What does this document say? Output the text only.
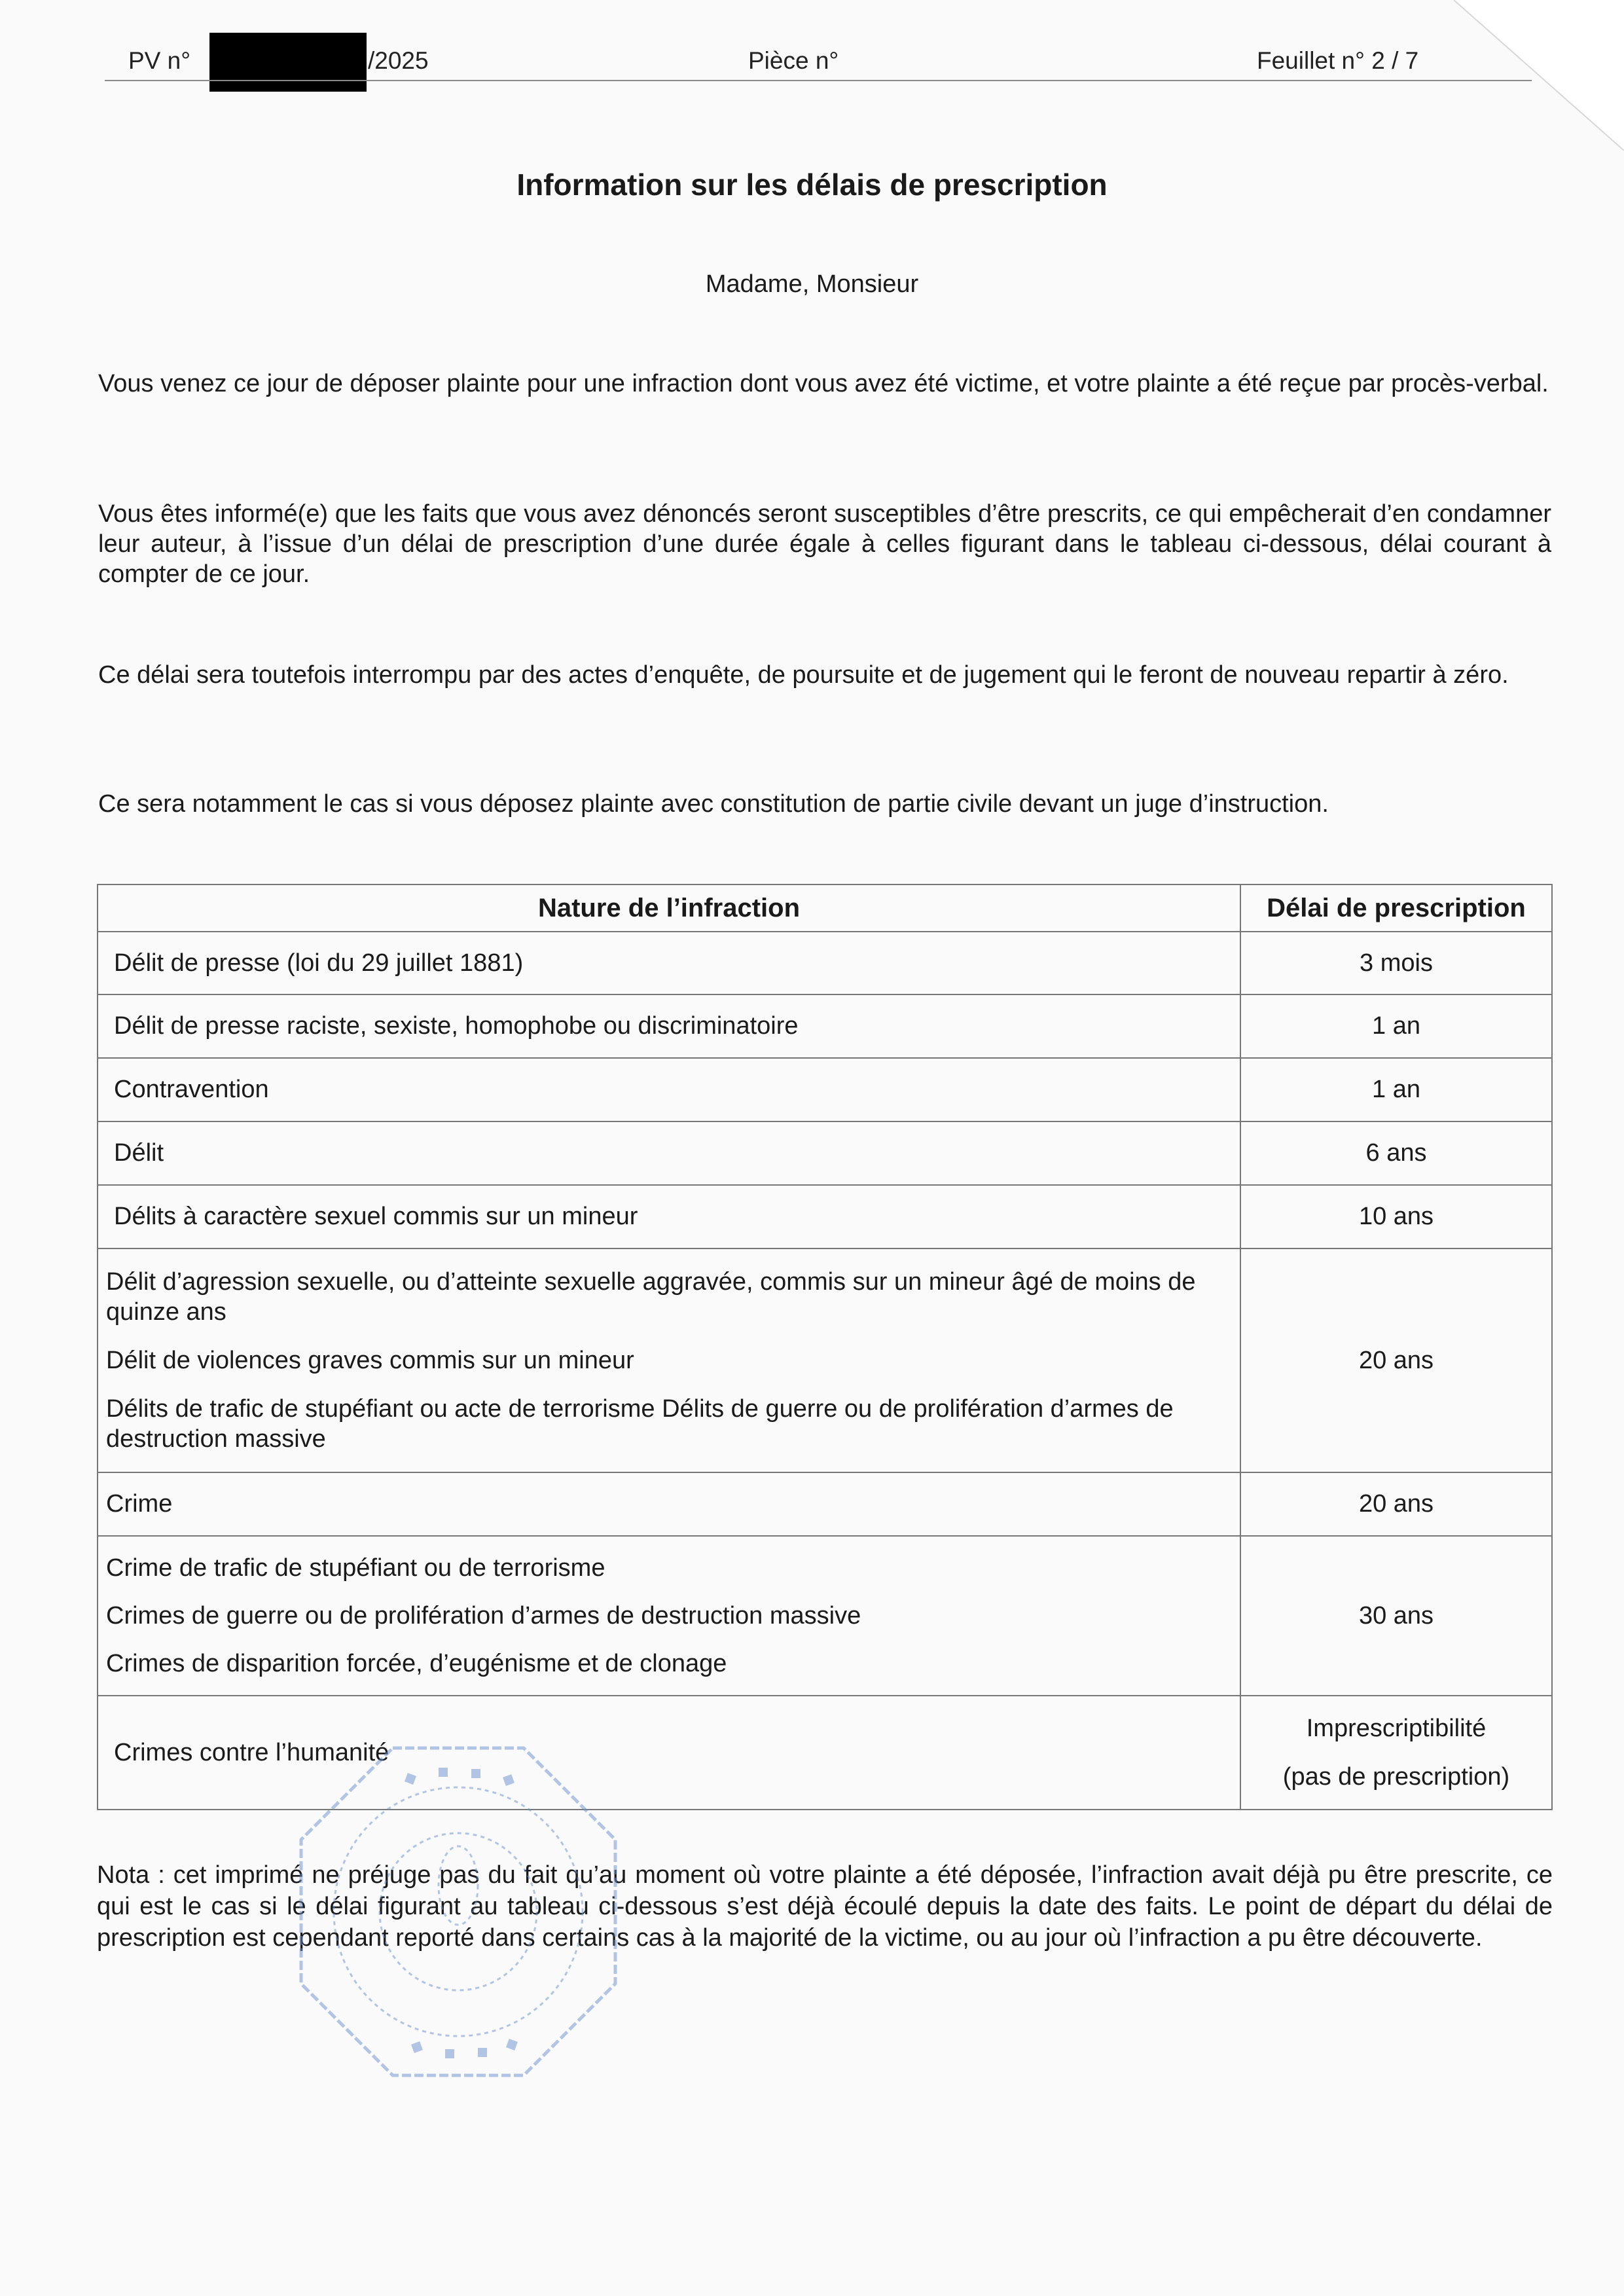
PV n°	/2025	Pièce n°	Feuillet n° 2 / 7
Information sur les délais de prescription
Madame, Monsieur
Vous venez ce jour de déposer plainte pour une infraction dont vous avez été victime, et votre plainte a été reçue par procès-verbal.
Vous êtes informé(e) que les faits que vous avez dénoncés seront susceptibles d’être prescrits, ce qui empêcherait d’en condamner leur auteur, à l’issue d’un délai de prescription d’une durée égale à celles figurant dans le tableau ci-dessous, délai courant à compter de ce jour.
Ce délai sera toutefois interrompu par des actes d’enquête, de poursuite et de jugement qui le feront de nouveau repartir à zéro.
Ce sera notamment le cas si vous déposez plainte avec constitution de partie civile devant un juge d’instruction.
Nature de l’infraction	Délai de prescription

Délit de presse (loi du 29 juillet 1881)	3 mois

Délit de presse raciste, sexiste, homophobe ou discriminatoire	1 an

Contravention	1 an

Délit	6 ans

Délits à caractère sexuel commis sur un mineur	10 ans

Délit d’agression sexuelle, ou d’atteinte sexuelle aggravée, commis sur un mineur âgé de moins de quinze ans
Délit de violences graves commis sur un mineur
Délits de trafic de stupéfiant ou acte de terrorisme Délits de guerre ou de prolifération d’armes de destruction massive	20 ans

Crime	20 ans

Crime de trafic de stupéfiant ou de terrorisme
Crimes de guerre ou de prolifération d’armes de destruction massive
Crimes de disparition forcée, d’eugénisme et de clonage	30 ans

Crimes contre l’humanité	Imprescriptibilité
(pas de prescription)
Nota : cet imprimé ne préjuge pas du fait qu’au moment où votre plainte a été déposée, l’infraction avait déjà pu être prescrite, ce qui est le cas si le délai figurant au tableau ci-dessous s’est déjà écoulé depuis la date des faits. Le point de départ du délai de prescription est cependant reporté dans certains cas à la majorité de la victime, ou au jour où l’infraction a pu être découverte.
